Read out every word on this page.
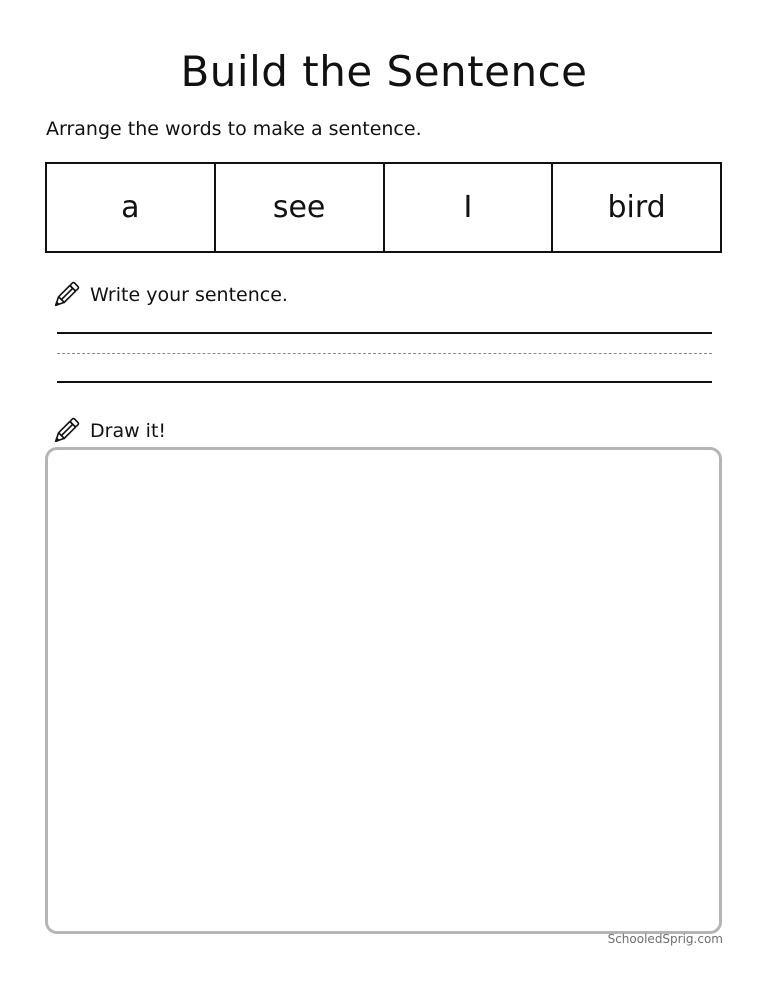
Build the Sentence
Arrange the words to make a sentence.
a	see	I	bird
Write your sentence.
Draw it!
SchooledSprig.com
